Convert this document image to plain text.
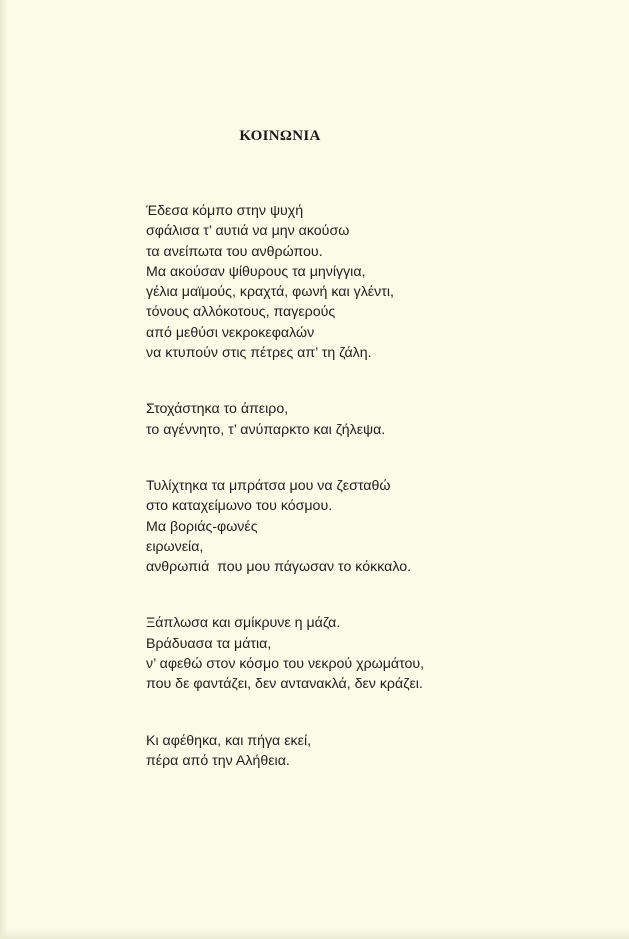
ΚΟΙΝΩΝΙΑ
Έδεσα κόμπο στην ψυχή
σφάλισα τ’ αυτιά να μην ακούσω
τα ανείπωτα του ανθρώπου.
Μα ακούσαν ψίθυρους τα μηνίγγια,
γέλια μαϊμούς, κραχτά, φωνή και γλέντι,
τόνους αλλόκοτους, παγερούς
από μεθύσι νεκροκεφαλών
να κτυπούν στις πέτρες απ’ τη ζάλη.
Στοχάστηκα το άπειρο,
το αγέννητο, τ’ ανύπαρκτο και ζήλεψα.
Τυλίχτηκα τα μπράτσα μου να ζεσταθώ
στο καταχείμωνο του κόσμου.
Μα βοριάς-φωνές
ειρωνεία,
ανθρωπιά  που μου πάγωσαν το κόκκαλο.
Ξάπλωσα και σμίκρυνε η μάζα.
Βράδυασα τα μάτια,
ν’ αφεθώ στον κόσμο του νεκρού χρωμάτου,
που δε φαντάζει, δεν αντανακλά, δεν κράζει.
Κι αφέθηκα, και πήγα εκεί,
πέρα από την Αλήθεια.
